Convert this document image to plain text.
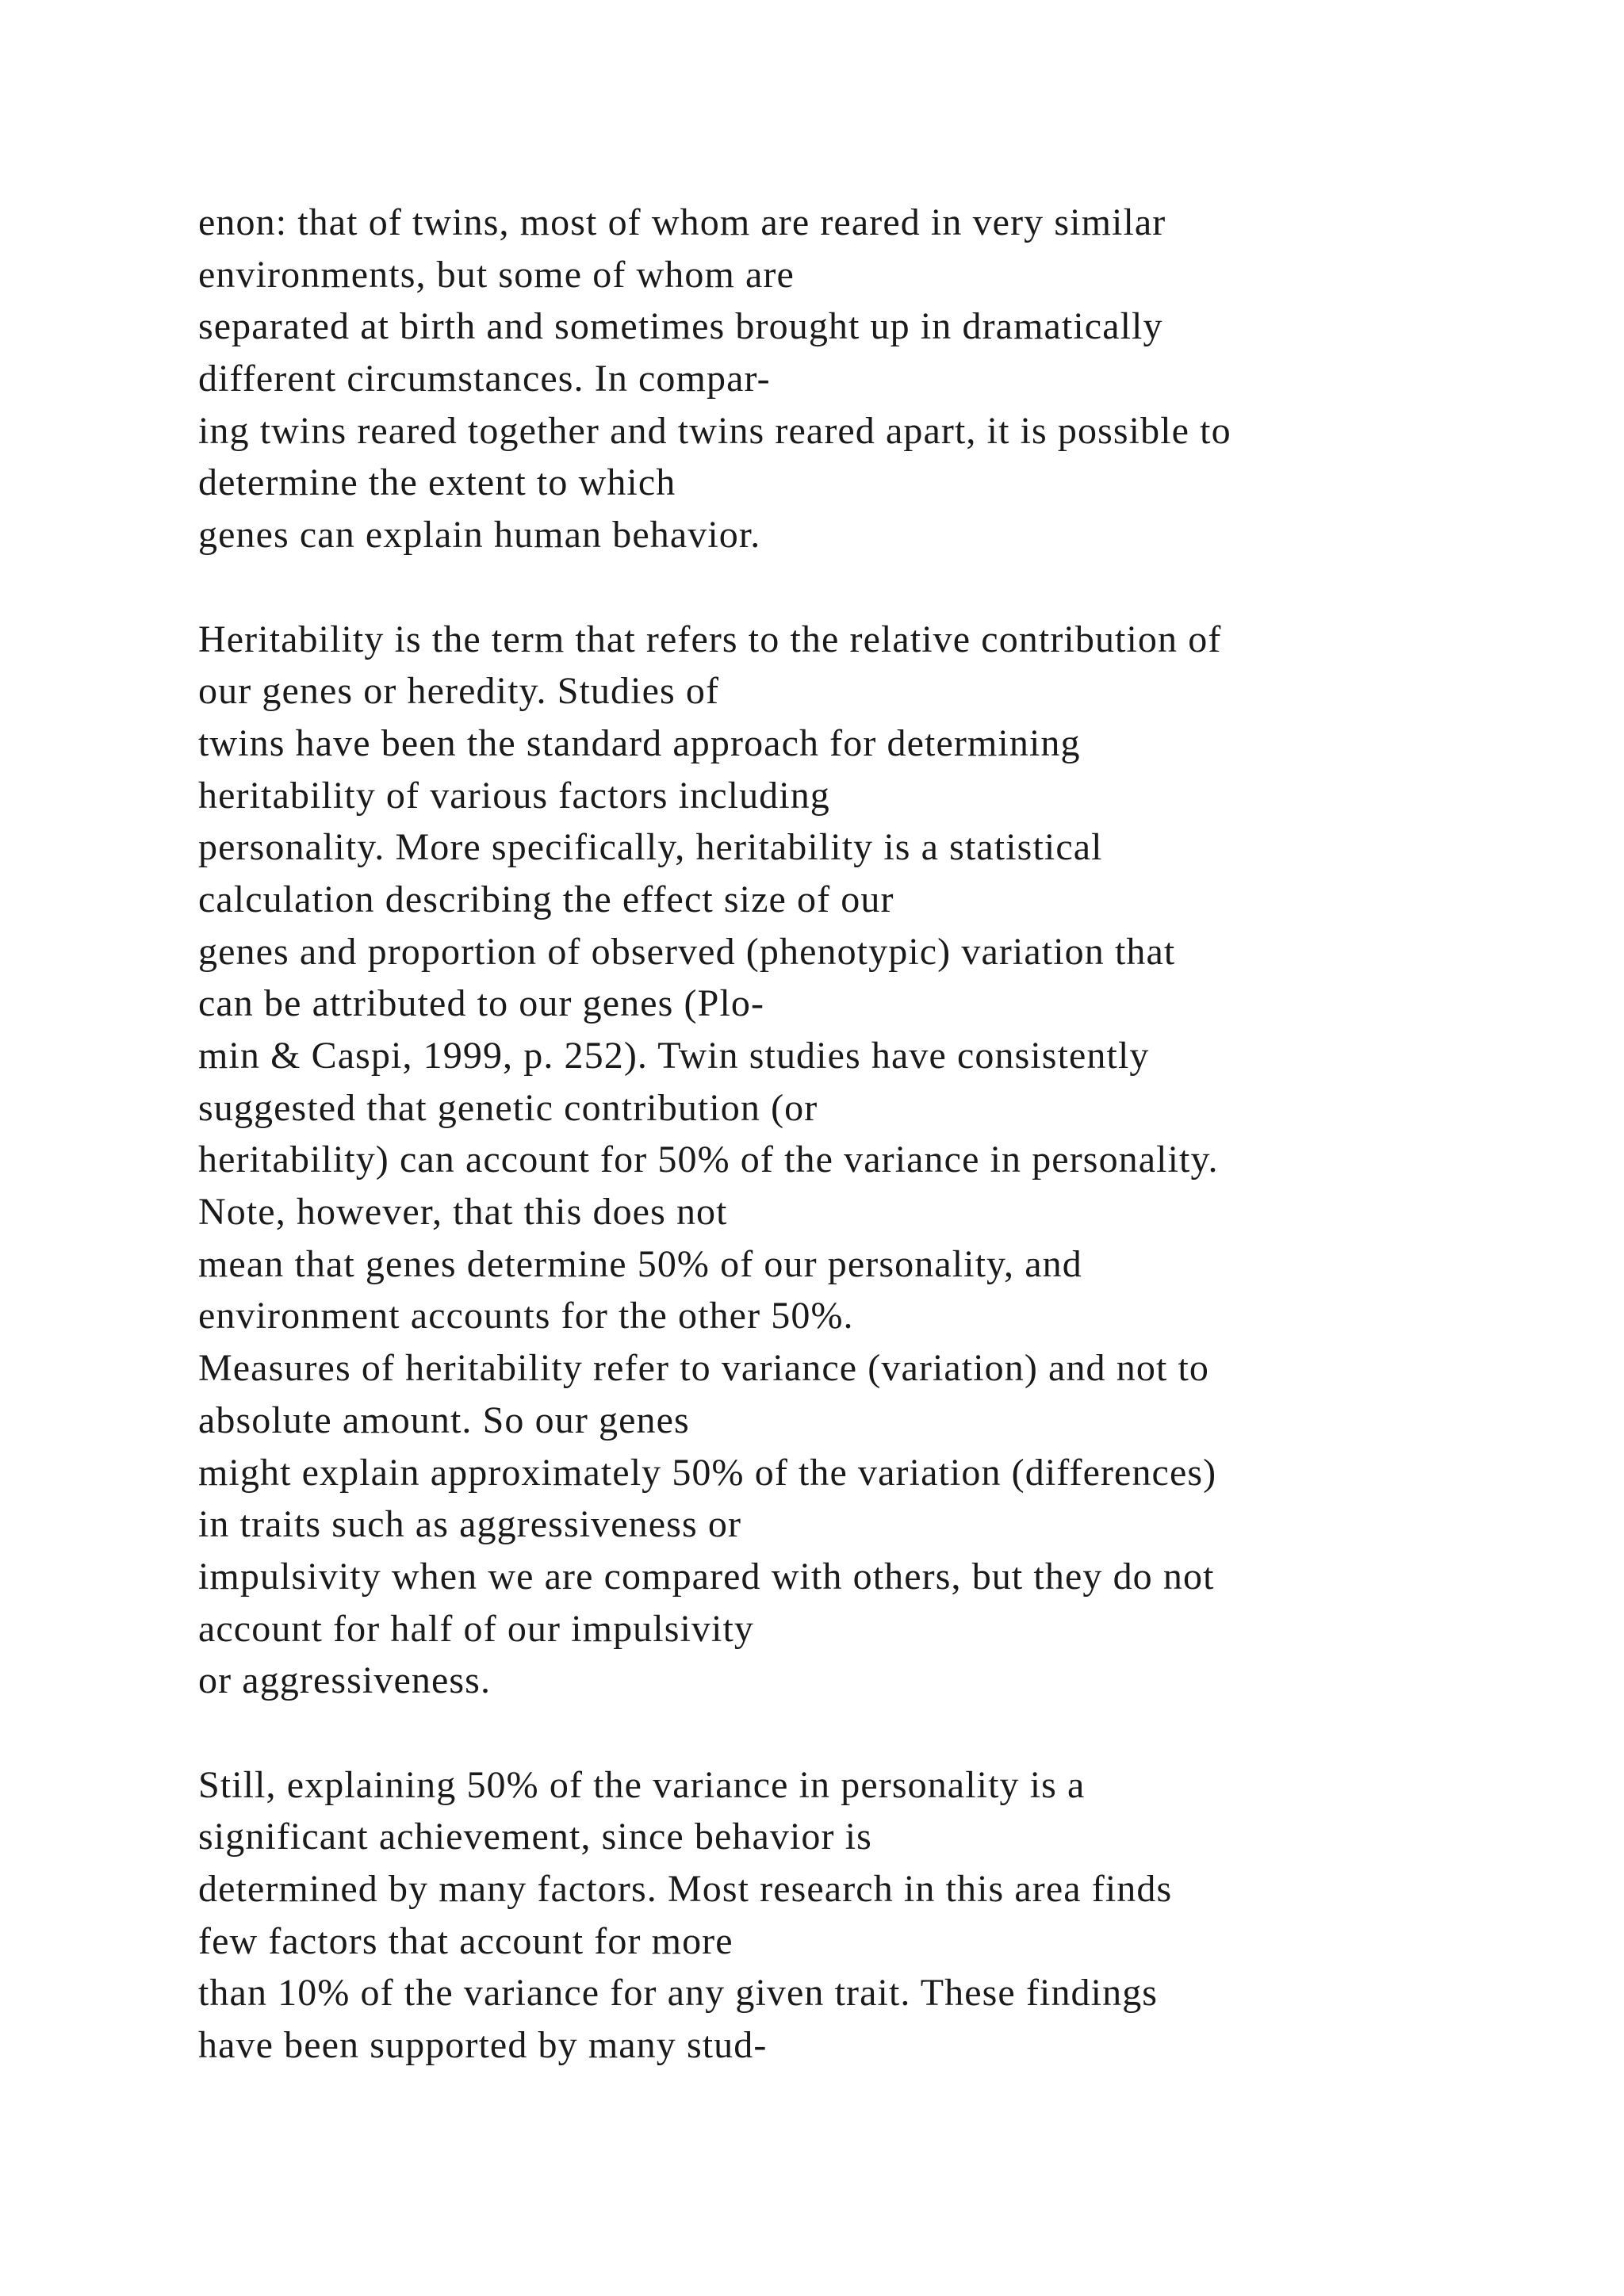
enon: that of twins, most of whom are reared in very similar
environments, but some of whom are
separated at birth and sometimes brought up in dramatically
different circumstances. In compar-
ing twins reared together and twins reared apart, it is possible to
determine the extent to which
genes can explain human behavior.
Heritability is the term that refers to the relative contribution of
our genes or heredity. Studies of
twins have been the standard approach for determining
heritability of various factors including
personality. More specifically, heritability is a statistical
calculation describing the effect size of our
genes and proportion of observed (phenotypic) variation that
can be attributed to our genes (Plo-
min & Caspi, 1999, p. 252). Twin studies have consistently
suggested that genetic contribution (or
heritability) can account for 50% of the variance in personality.
Note, however, that this does not
mean that genes determine 50% of our personality, and
environment accounts for the other 50%.
Measures of heritability refer to variance (variation) and not to
absolute amount. So our genes
might explain approximately 50% of the variation (differences)
in traits such as aggressiveness or
impulsivity when we are compared with others, but they do not
account for half of our impulsivity
or aggressiveness.
Still, explaining 50% of the variance in personality is a
significant achievement, since behavior is
determined by many factors. Most research in this area finds
few factors that account for more
than 10% of the variance for any given trait. These findings
have been supported by many stud-
